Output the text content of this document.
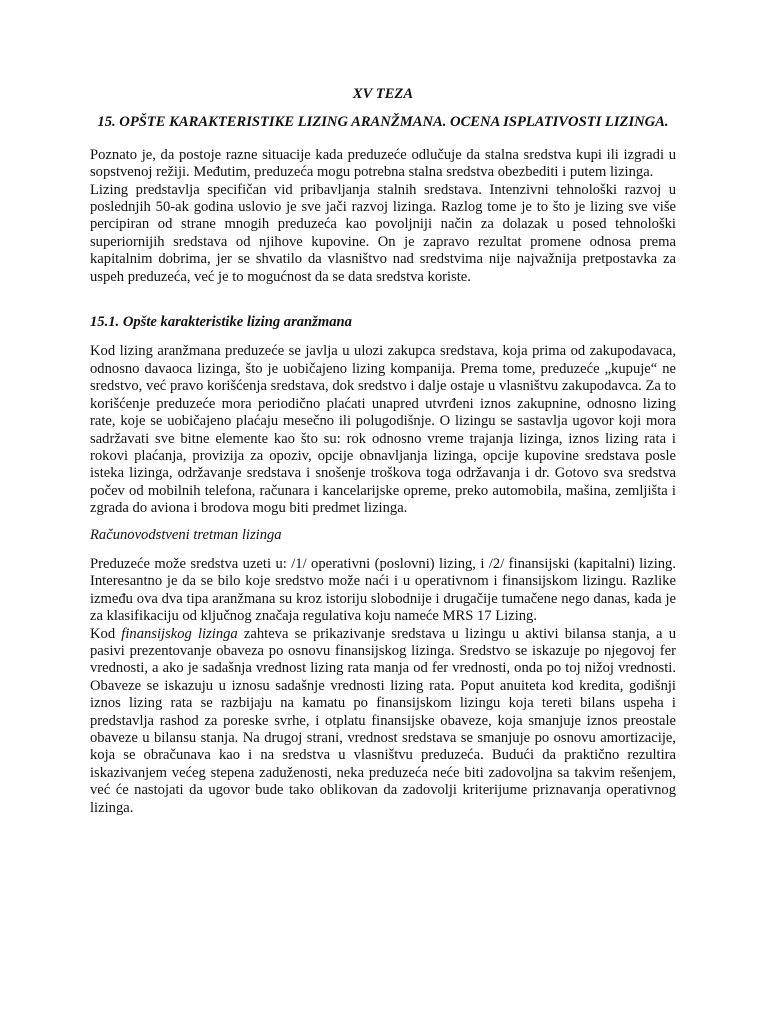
XV TEZA

15. OPŠTE KARAKTERISTIKE LIZING ARANŽMANA. OCENA ISPLATIVOSTI LIZINGA.

Poznato je, da postoje razne situacije kada preduzeće odlučuje da stalna sredstva kupi ili izgradi u sopstvenoj režiji. Međutim, preduzeća mogu potrebna stalna sredstva obezbediti i putem lizinga.

Lizing predstavlja specifičan vid pribavljanja stalnih sredstava. Intenzivni tehnološki razvoj u poslednjih 50-ak godina uslovio je sve jači razvoj lizinga. Razlog tome je to što je lizing sve više percipiran od strane mnogih preduzeća kao povoljniji način za dolazak u posed tehnološki superiornijih sredstava od njihove kupovine. On je zapravo rezultat promene odnosa prema kapitalnim dobrima, jer se shvatilo da vlasništvo nad sredstvima nije najvažnija pretpostavka za uspeh preduzeća, već je to mogućnost da se data sredstva koriste.

15.1. Opšte karakteristike lizing aranžmana

Kod lizing aranžmana preduzeće se javlja u ulozi zakupca sredstava, koja prima od zakupodavaca, odnosno davaoca lizinga, što je uobičajeno lizing kompanija. Prema tome, preduzeće „kupuje“ ne sredstvo, već pravo korišćenja sredstava, dok sredstvo i dalje ostaje u vlasništvu zakupodavca. Za to korišćenje preduzeće mora periodično plaćati unapred utvrđeni iznos zakupnine, odnosno lizing rate, koje se uobičajeno plaćaju mesečno ili polugodišnje. O lizingu se sastavlja ugovor koji mora sadržavati sve bitne elemente kao što su: rok odnosno vreme trajanja lizinga, iznos lizing rata i rokovi plaćanja, provizija za opoziv, opcije obnavljanja lizinga, opcije kupovine sredstava posle isteka lizinga, održavanje sredstava i snošenje troškova toga održavanja i dr. Gotovo sva sredstva počev od mobilnih telefona, računara i kancelarijske opreme, preko automobila, mašina, zemljišta i zgrada do aviona i brodova mogu biti predmet lizinga.

Računovodstveni tretman lizinga

Preduzeće može sredstva uzeti u: /1/ operativni (poslovni) lizing, i /2/ finansijski (kapitalni) lizing. Interesantno je da se bilo koje sredstvo može naći i u operativnom i finansijskom lizingu. Razlike između ova dva tipa aranžmana su kroz istoriju slobodnije i drugačije tumačene nego danas, kada je za klasifikaciju od ključnog značaja regulativa koju nameće MRS 17 Lizing.

Kod finansijskog lizinga zahteva se prikazivanje sredstava u lizingu u aktivi bilansa stanja, a u pasivi prezentovanje obaveza po osnovu finansijskog lizinga. Sredstvo se iskazuje po njegovoj fer vrednosti, a ako je sadašnja vrednost lizing rata manja od fer vrednosti, onda po toj nižoj vrednosti. Obaveze se iskazuju u iznosu sadašnje vrednosti lizing rata. Poput anuiteta kod kredita, godišnji iznos lizing rata se razbijaju na kamatu po finansijskom lizingu koja tereti bilans uspeha i predstavlja rashod za poreske svrhe, i otplatu finansijske obaveze, koja smanjuje iznos preostale obaveze u bilansu stanja. Na drugoj strani, vrednost sredstava se smanjuje po osnovu amortizacije, koja se obračunava kao i na sredstva u vlasništvu preduzeća. Budući da praktično rezultira iskazivanjem većeg stepena zaduženosti, neka preduzeća neće biti zadovoljna sa takvim rešenjem, već će nastojati da ugovor bude tako oblikovan da zadovolji kriterijume priznavanja operativnog lizinga.
